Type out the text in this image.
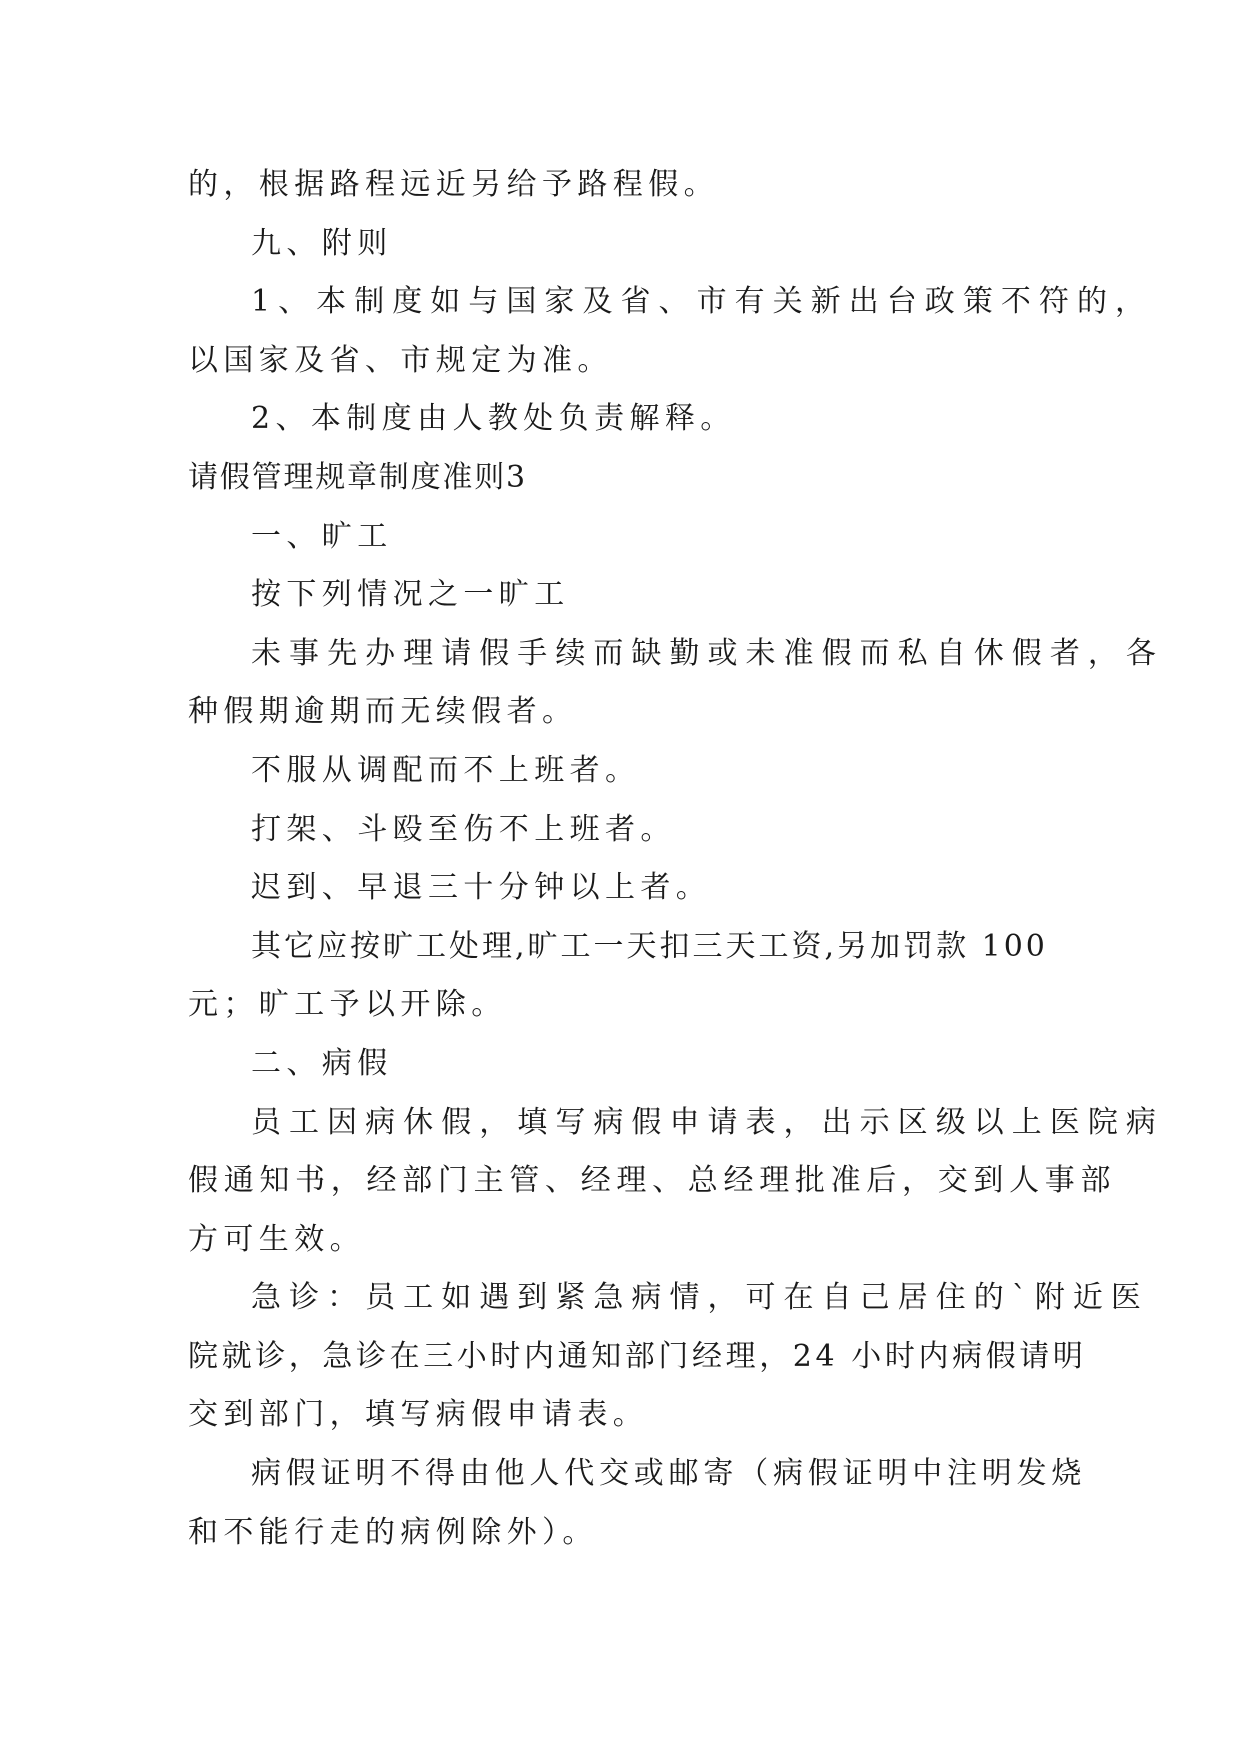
的，根据路程远近另给予路程假。
九、附则
1、本制度如与国家及省、市有关新出台政策不符的，
以国家及省、市规定为准。
2、本制度由人教处负责解释。
请假管理规章制度准则3
一、旷工
按下列情况之一旷工
未事先办理请假手续而缺勤或未准假而私自休假者，各
种假期逾期而无续假者。
不服从调配而不上班者。
打架、斗殴至伤不上班者。
迟到、早退三十分钟以上者。
其它应按旷工处理,旷工一天扣三天工资,另加罚款 100
元；旷工予以开除。
二、病假
员工因病休假，填写病假申请表，出示区级以上医院病
假通知书，经部门主管、经理、总经理批准后，交到人事部
方可生效。
急诊：员工如遇到紧急病情，可在自己居住的`附近医
院就诊，急诊在三小时内通知部门经理，24 小时内病假请明
交到部门，填写病假申请表。
病假证明不得由他人代交或邮寄（病假证明中注明发烧
和不能行走的病例除外）。
